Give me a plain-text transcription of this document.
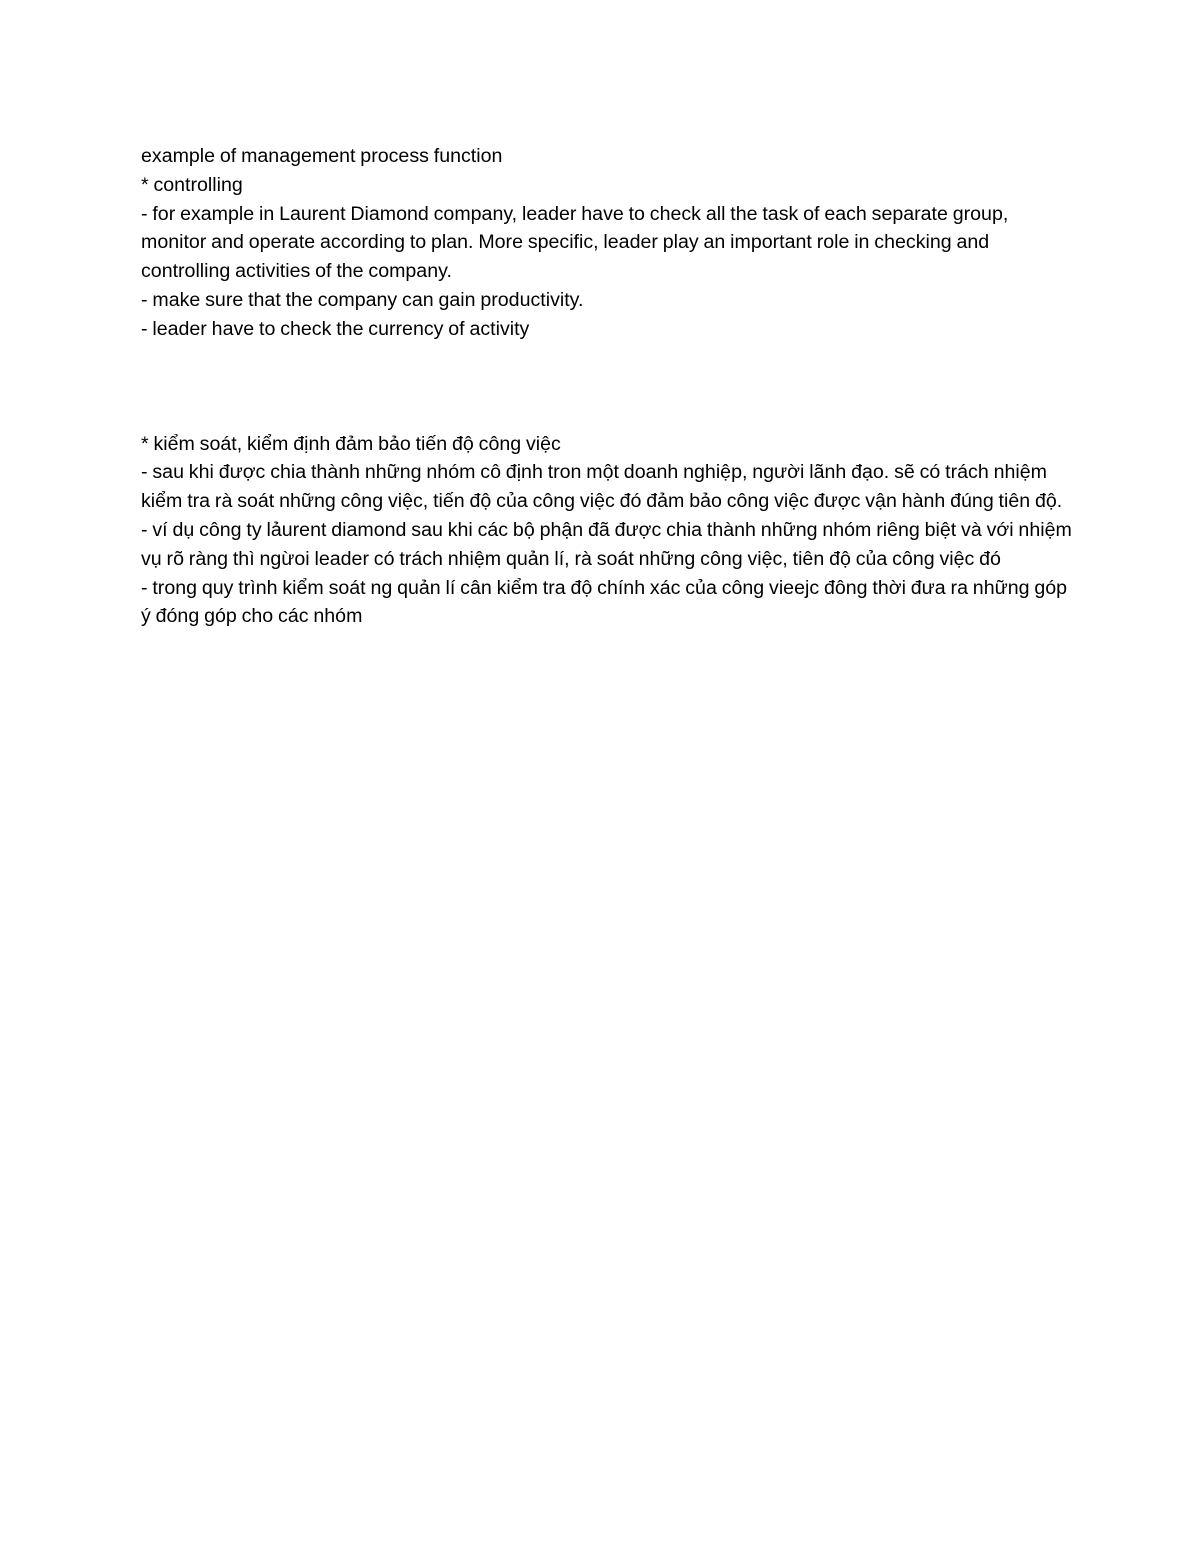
example of management process function

* controlling

- for example in Laurent Diamond company, leader have to check all the task of each separate group, monitor and operate according to plan. More specific, leader play an important role in checking and controlling activities of the company.

- make sure that the company can gain productivity.

- leader have to check the currency of activity

* kiểm soát, kiểm định đảm bảo tiến độ công việc

- sau khi được chia thành những nhóm cô định tron một doanh nghiệp, người lãnh đạo. sẽ có trách nhiệm kiểm tra rà soát những công việc, tiến độ của công việc đó đảm bảo công việc được vận hành đúng tiên độ.

- ví dụ công ty lảurent diamond sau khi các bộ phận đã được chia thành những nhóm riêng biệt và với nhiệm vụ rõ ràng thì ngừoi leader có trách nhiệm quản lí, rà soát những công việc, tiên độ của công việc đó

- trong quy trình kiểm soát ng quản lí cân kiểm tra độ chính xác của công vieejc đông thời đưa ra những góp ý đóng góp cho các nhóm
